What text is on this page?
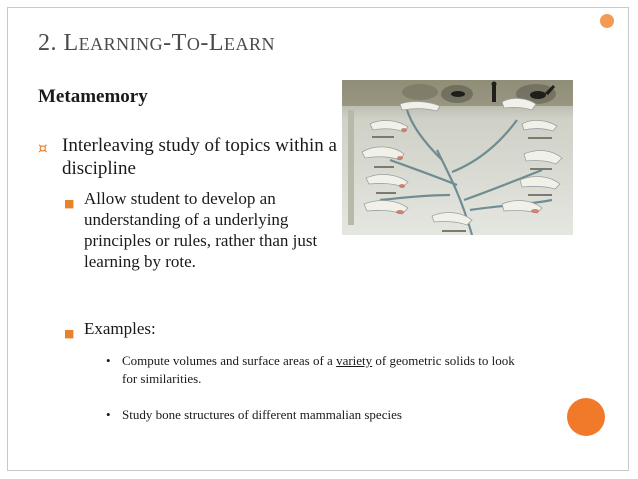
2. LEARNING-TO-LEARN
Metamemory
¤ Interleaving study of topics within a discipline
■ Allow student to develop an understanding of a underlying principles or rules, rather than just learning by rote.
■ Examples:
• Compute volumes and surface areas of a variety of geometric solids to look for similarities.
• Study bone structures of different mammalian species
